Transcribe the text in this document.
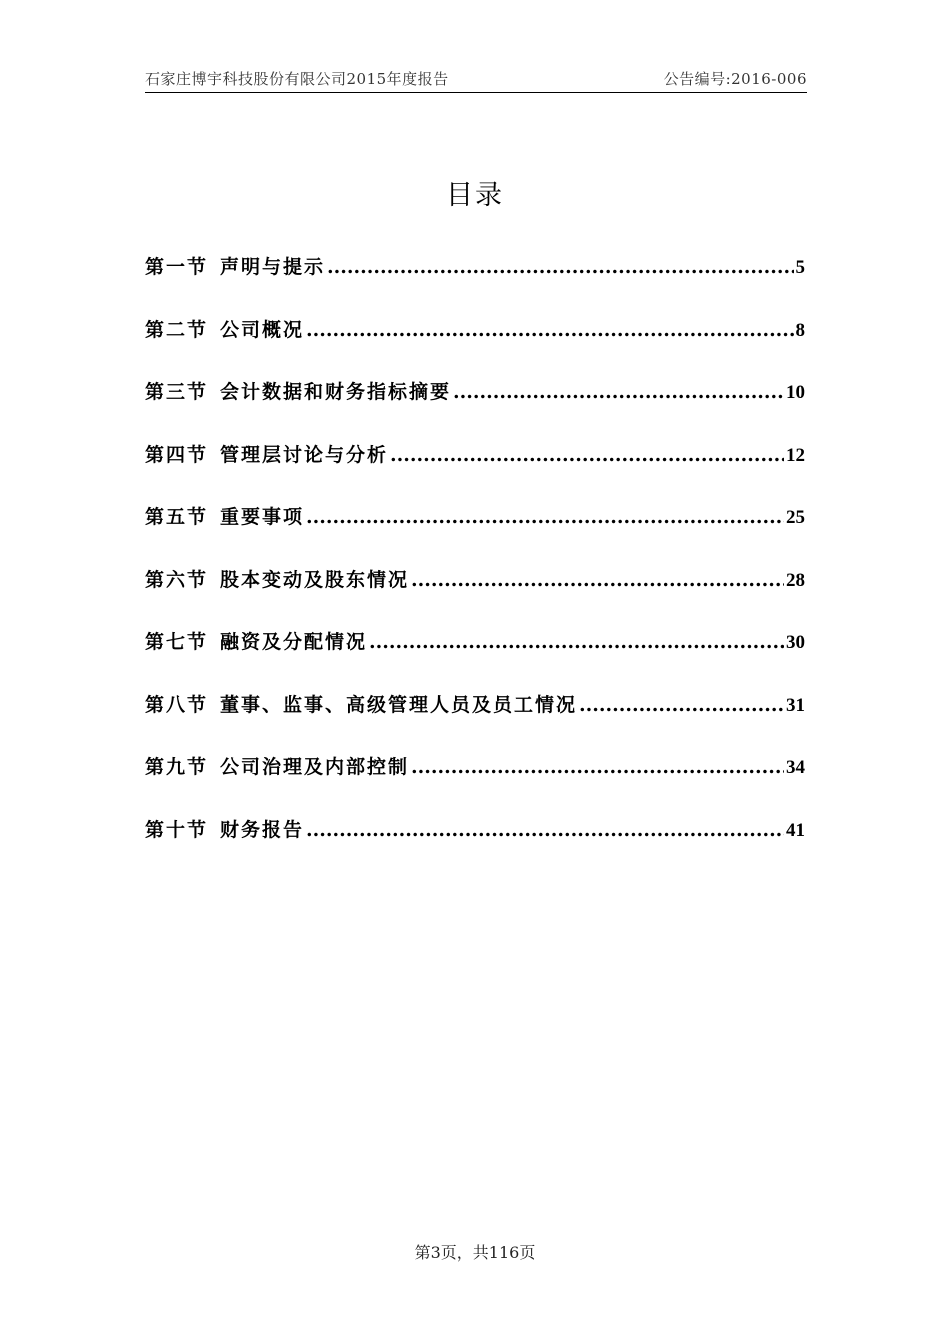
石家庄博宇科技股份有限公司2015年度报告	公告编号:2016-006
目录
第一节 声明与提示 .....	5
第二节 公司概况 .....	8
第三节 会计数据和财务指标摘要 .....	10
第四节 管理层讨论与分析 .....	12
第五节 重要事项 .....	25
第六节 股本变动及股东情况 .....	28
第七节 融资及分配情况 .....	30
第八节 董事、监事、高级管理人员及员工情况 .....	31
第九节 公司治理及内部控制 .....	34
第十节 财务报告 .....	41
第3页，共116页
